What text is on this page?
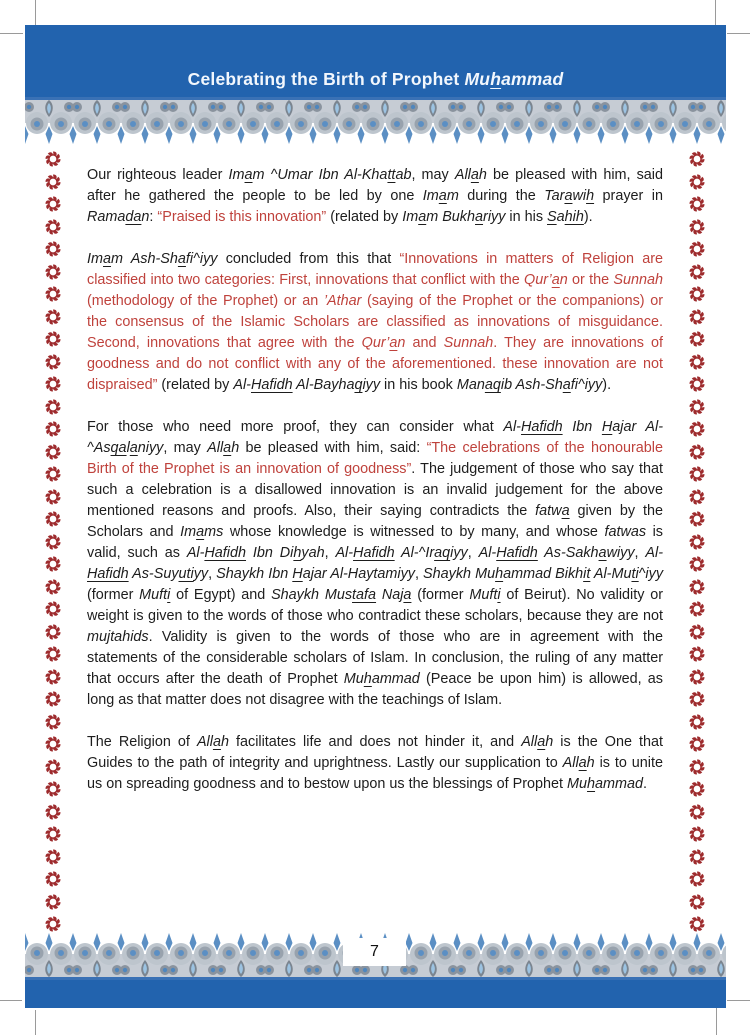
Celebrating the Birth of Prophet Muhammad

Our righteous leader Imam ^Umar Ibn Al-Khattab, may Allah be pleased with him, said after he gathered the people to be led by one Imam during the Tarawih prayer in Ramadan: “Praised is this innovation” (related by Imam Bukhariyy in his Sahih).

Imam Ash-Shafi^iyy concluded from this that “Innovations in matters of Religion are classified into two categories: First, innovations that conflict with the Qur’an or the Sunnah (methodology of the Prophet) or an ’Athar (saying of the Prophet or the companions) or the consensus of the Islamic Scholars are classified as innovations of misguidance. Second, innovations that agree with the Qur’an and Sunnah. They are innovations of goodness and do not conflict with any of the aforementioned. these innovation are not dispraised” (related by Al-Hafidh Al-Bayhaqiyy in his book Manaqib Ash-Shafi^iyy).

For those who need more proof, they can consider what Al-Hafidh Ibn Hajar Al-^Asqalaniyy, may Allah be pleased with him, said: “The celebrations of the honourable Birth of the Prophet is an innovation of goodness”. The judgement of those who say that such a celebration is a disallowed innovation is an invalid judgement for the above mentioned reasons and proofs. Also, their saying contradicts the fatwa given by the Scholars and Imams whose knowledge is witnessed to by many, and whose fatwas is valid, such as Al-Hafidh Ibn Dihyah, Al-Hafidh Al-^Iraqiyy, Al-Hafidh As-Sakhawiyy, Al-Hafidh As-Suyutiyy, Shaykh Ibn Hajar Al-Haytamiyy, Shaykh Muhammad Bikhit Al-Muti^iyy (former Mufti of Egypt) and Shaykh Mustafa Naja (former Mufti of Beirut). No validity or weight is given to the words of those who contradict these scholars, because they are not mujtahids. Validity is given to the words of those who are in agreement with the statements of the considerable scholars of Islam. In conclusion, the ruling of any matter that occurs after the death of Prophet Muhammad (Peace be upon him) is allowed, as long as that matter does not disagree with the teachings of Islam.

The Religion of Allah facilitates life and does not hinder it, and Allah is the One that Guides to the path of integrity and uprightness. Lastly our supplication to Allah is to unite us on spreading goodness and to bestow upon us the blessings of Prophet Muhammad.

7
